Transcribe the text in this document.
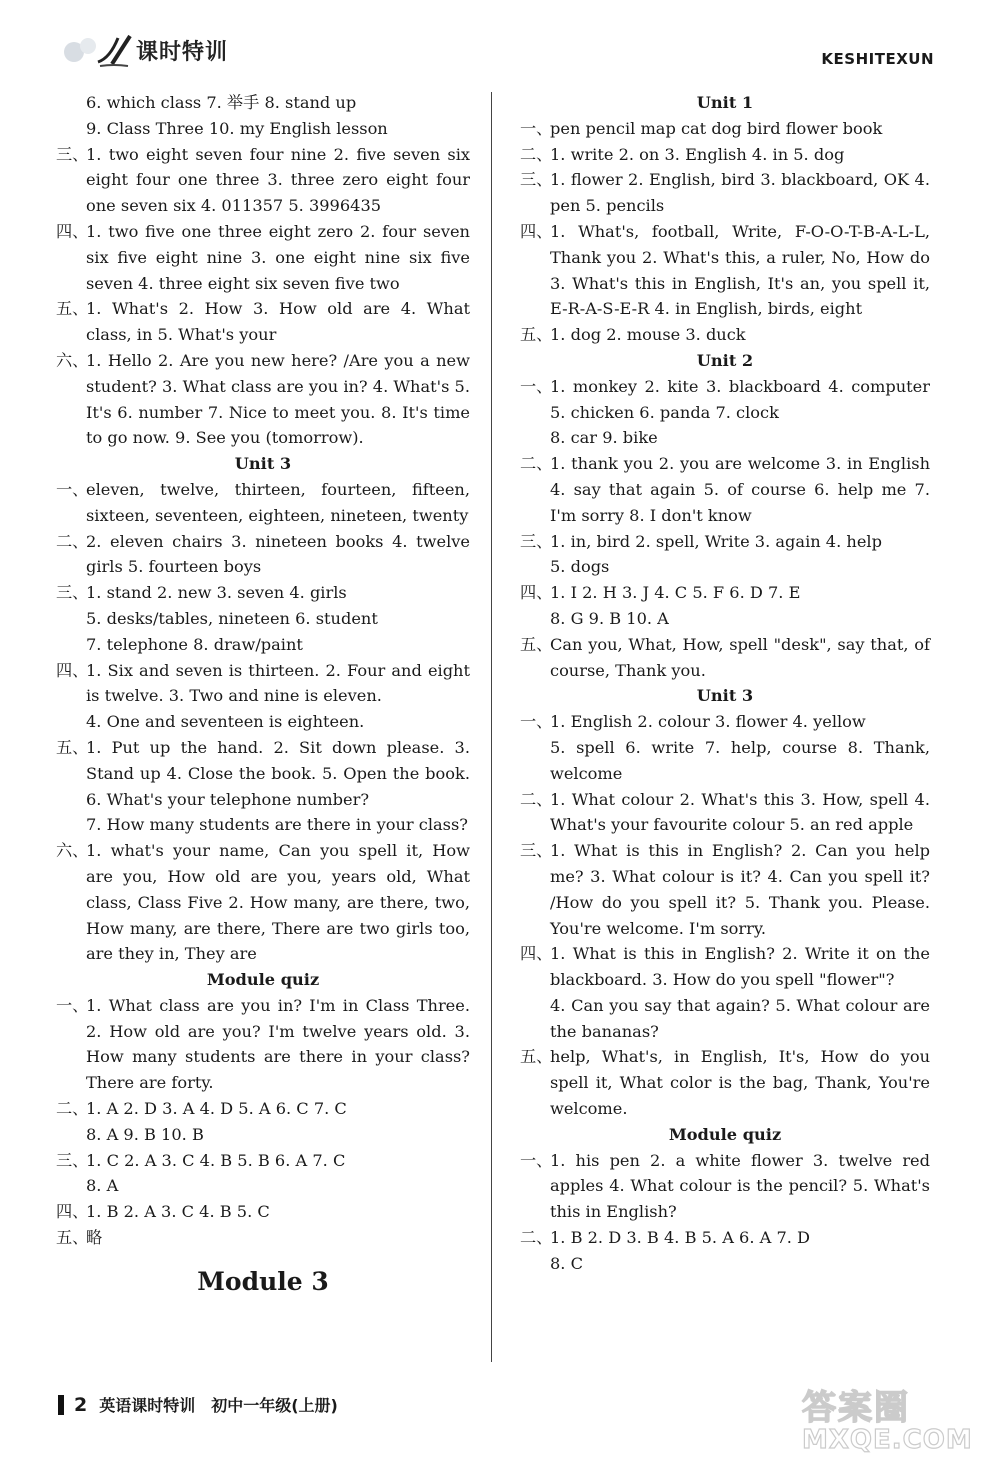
课时特训	KESHITEXUN
6. which class 7. 举手 8. stand up
9. Class Three 10. my English lesson
三、
1. two eight seven four nine 2. five seven six eight four one three 3. three zero eight four one seven six 4. 011357 5. 3996435
四、
1. two five one three eight zero 2. four seven six five eight nine 3. one eight nine six five seven 4. three eight six seven five two
五、
1. What's 2. How 3. How old are 4. What class, in 5. What's your
六、
1. Hello 2. Are you new here? /Are you a new student? 3. What class are you in? 4. What's 5. It's 6. number 7. Nice to meet you. 8. It's time to go now. 9. See you (tomorrow).
Unit 3
一、
eleven, twelve, thirteen, fourteen, fifteen, sixteen, seventeen, eighteen, nineteen, twenty
二、
2. eleven chairs 3. nineteen books 4. twelve girls 5. fourteen boys
三、
1. stand 2. new 3. seven 4. girls
5. desks/tables, nineteen 6. student
7. telephone 8. draw/paint
四、
1. Six and seven is thirteen. 2. Four and eight is twelve. 3. Two and nine is eleven.
4. One and seventeen is eighteen.
五、
1. Put up the hand. 2. Sit down please. 3. Stand up 4. Close the book. 5. Open the book. 6. What's your telephone number?
7. How many students are there in your class?
六、
1. what's your name, Can you spell it, How are you, How old are you, years old, What class, Class Five 2. How many, are there, two, How many, are there, There are two girls too, are they in, They are
Module quiz
一、
1. What class are you in? I'm in Class Three. 2. How old are you? I'm twelve years old. 3. How many students are there in your class? There are forty.
二、
1. A 2. D 3. A 4. D 5. A 6. C 7. C
8. A 9. B 10. B
三、
1. C 2. A 3. C 4. B 5. B 6. A 7. C
8. A
四、
1. B 2. A 3. C 4. B 5. C
五、
略
Module 3
Unit 1
一、
pen pencil map cat dog bird flower book
二、
1. write 2. on 3. English 4. in 5. dog
三、
1. flower 2. English, bird 3. blackboard, OK 4. pen 5. pencils
四、
1. What's, football, Write, F-O-O-T-B-A-L-L, Thank you 2. What's this, a ruler, No, How do 3. What's this in English, It's an, you spell it, E-R-A-S-E-R 4. in English, birds, eight
五、
1. dog 2. mouse 3. duck
Unit 2
一、
1. monkey 2. kite 3. blackboard 4. computer 5. chicken 6. panda 7. clock
8. car 9. bike
二、
1. thank you 2. you are welcome 3. in English 4. say that again 5. of course 6. help me 7. I'm sorry 8. I don't know
三、
1. in, bird 2. spell, Write 3. again 4. help
5. dogs
四、
1. I 2. H 3. J 4. C 5. F 6. D 7. E
8. G 9. B 10. A
五、
Can you, What, How, spell "desk", say that, of course, Thank you.
Unit 3
一、
1. English 2. colour 3. flower 4. yellow
5. spell 6. write 7. help, course 8. Thank, welcome
二、
1. What colour 2. What's this 3. How, spell 4. What's your favourite colour 5. an red apple
三、
1. What is this in English? 2. Can you help me? 3. What colour is it? 4. Can you spell it? /How do you spell it? 5. Thank you. Please. You're welcome. I'm sorry.
四、
1. What is this in English? 2. Write it on the blackboard. 3. How do you spell "flower"?
4. Can you say that again? 5. What colour are the bananas?
五、
help, What's, in English, It's, How do you spell it, What color is the bag, Thank, You're welcome.
Module quiz
一、
1. his pen 2. a white flower 3. twelve red apples 4. What colour is the pencil? 5. What's this in English?
二、
1. B 2. D 3. B 4. B 5. A 6. A 7. D
8. C
2 英语课时特训　初中一年级(上册)	答案圈
MXQE.COM
